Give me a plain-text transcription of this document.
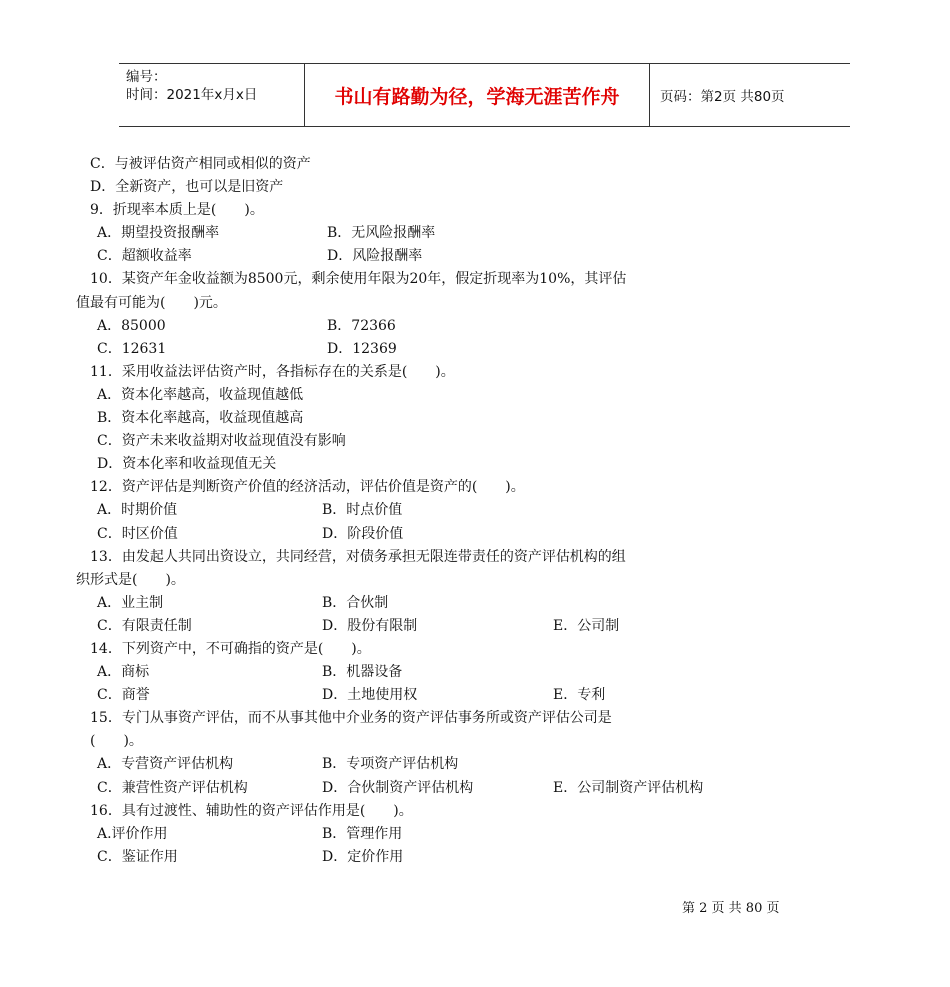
编号：
时间：2021年x月x日	书山有路勤为径，学海无涯苦作舟	页码：第2页 共80页
C．与被评估资产相同或相似的资产
D．全新资产，也可以是旧资产
9．折现率本质上是(　　)。
A．期望投资报酬率	B．无风险报酬率
C．超额收益率	D．风险报酬率
10．某资产年金收益额为8500元，剩余使用年限为20年，假定折现率为10%，其评估
值最有可能为(　　)元。
A．85000	B．72366
C．12631	D．12369
11．采用收益法评估资产时，各指标存在的关系是(　　)。
A．资本化率越高，收益现值越低
B．资本化率越高，收益现值越高
C．资产未来收益期对收益现值没有影响
D．资本化率和收益现值无关
12．资产评估是判断资产价值的经济活动，评估价值是资产的(　　)。
A．时期价值	B．时点价值
C．时区价值	D．阶段价值
13．由发起人共同出资设立，共同经营，对债务承担无限连带责任的资产评估机构的组
织形式是(　　)。
A．业主制	B．合伙制
C．有限责任制	D．股份有限制	E．公司制
14．下列资产中，不可确指的资产是(　　)。
A．商标	B．机器设备
C．商誉	D．土地使用权	E．专利
15．专门从事资产评估，而不从事其他中介业务的资产评估事务所或资产评估公司是
(　　)。
A．专营资产评估机构	B．专项资产评估机构
C．兼营性资产评估机构	D．合伙制资产评估机构	E．公司制资产评估机构
16．具有过渡性、辅助性的资产评估作用是(　　)。
A.评价作用	B．管理作用
C．鉴证作用	D．定价作用
第 2 页 共 80 页
